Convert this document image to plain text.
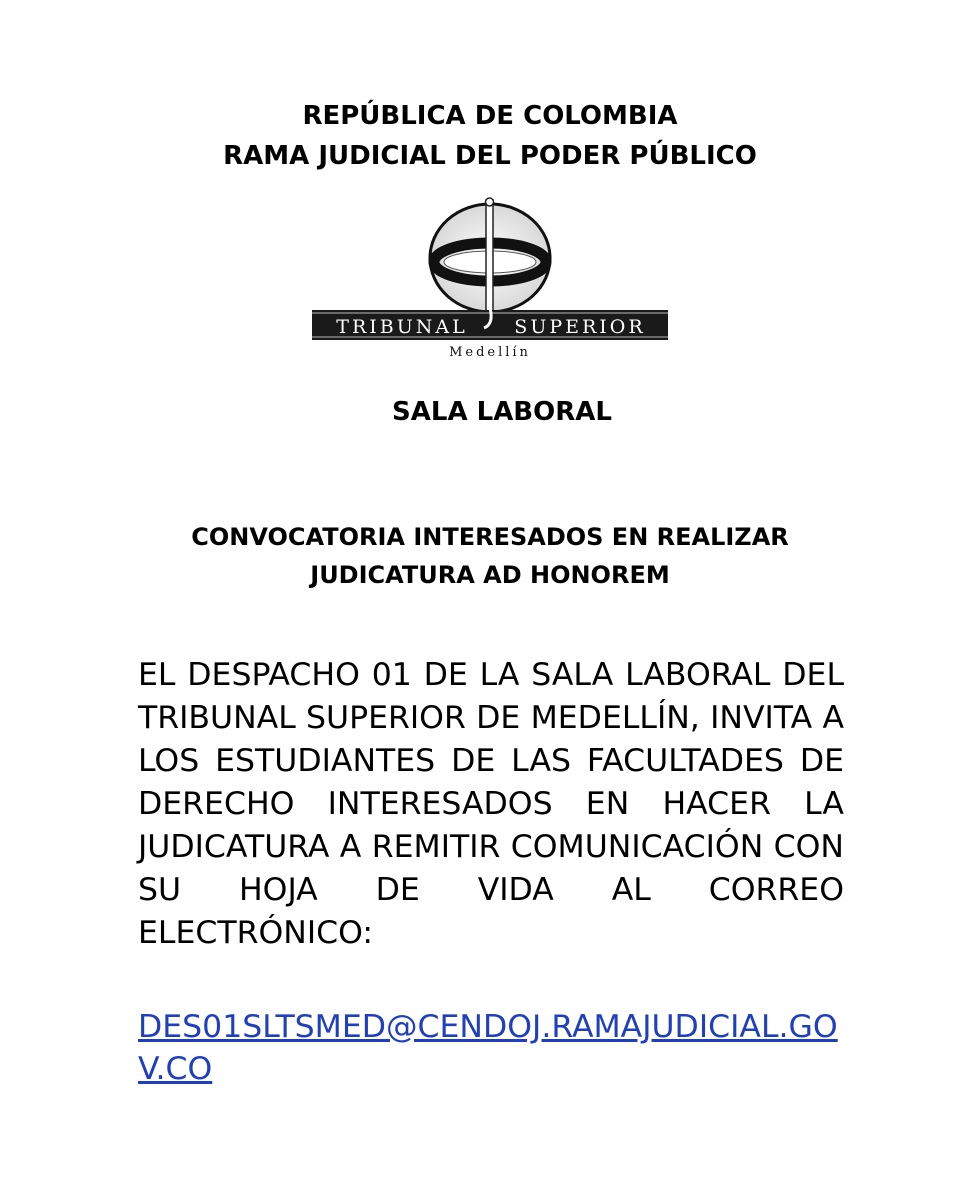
REPÚBLICA DE COLOMBIA
RAMA JUDICIAL DEL PODER PÚBLICO
TRIBUNAL SUPERIOR
Medellín
SALA LABORAL
CONVOCATORIA INTERESADOS EN REALIZAR
JUDICATURA AD HONOREM

EL DESPACHO 01 DE LA SALA LABORAL DEL TRIBUNAL SUPERIOR DE MEDELLÍN, INVITA A LOS ESTUDIANTES DE LAS FACULTADES DE DERECHO INTERESADOS EN HACER LA JUDICATURA A REMITIR COMUNICACIÓN CON SU HOJA DE VIDA AL CORREO ELECTRÓNICO:

DES01SLTSMED@CENDOJ.RAMAJUDICIAL.GOV.CO
